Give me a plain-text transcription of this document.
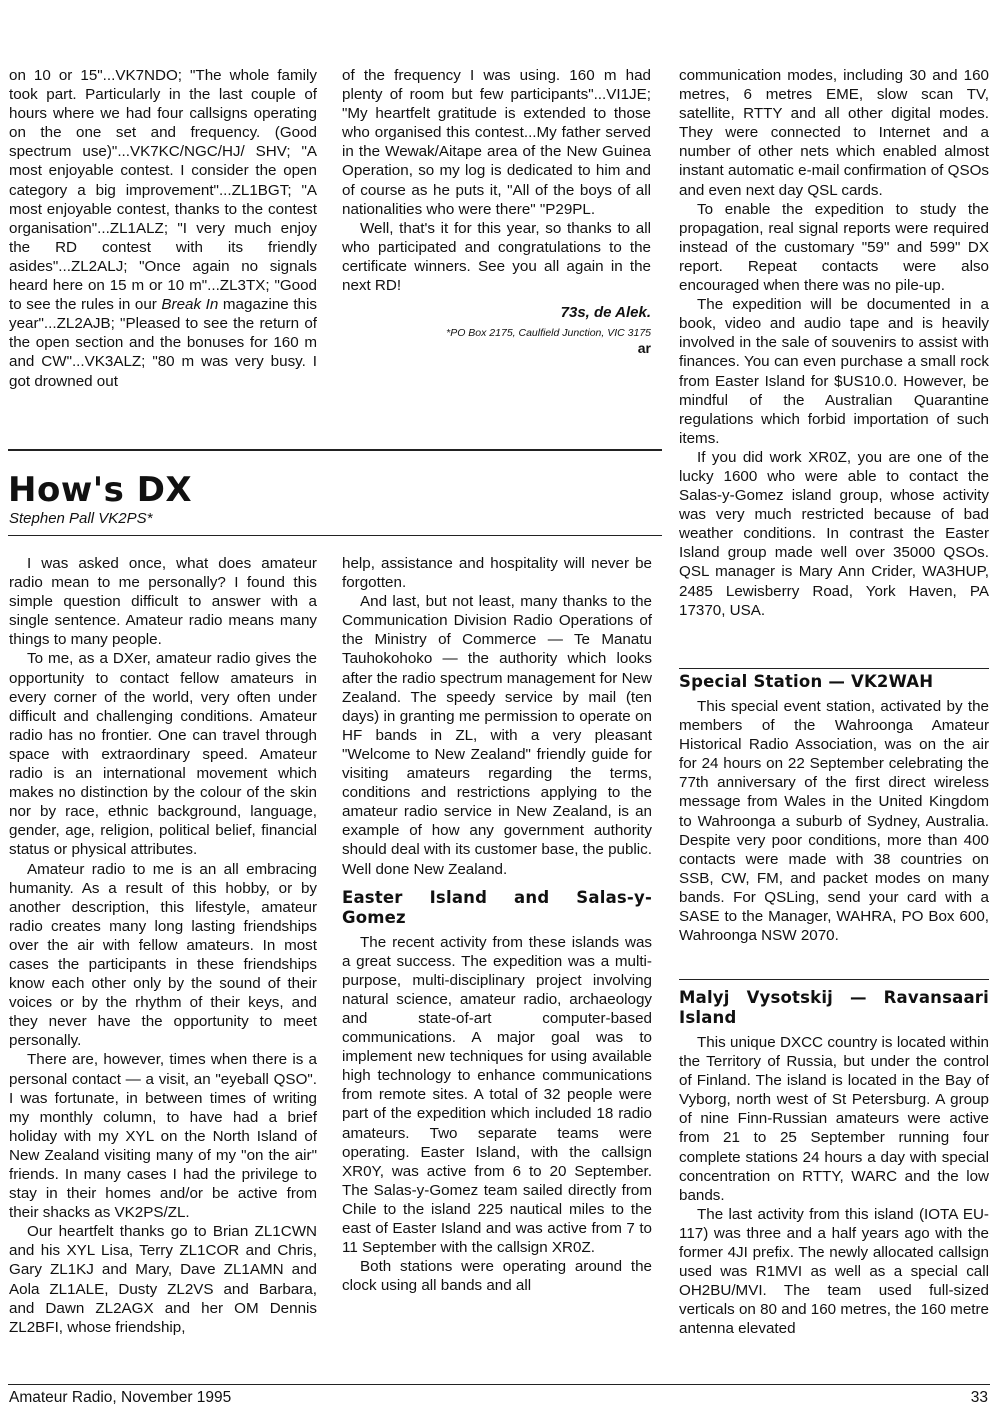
on 10 or 15"...VK7NDO; "The whole family took part. Particularly in the last couple of hours where we had four callsigns operating on the one set and frequency. (Good spectrum use)"...VK7KC/NGC/HJ/ SHV; "A most enjoyable contest. I consider the open category a big improvement"...ZL1BGT; "A most enjoyable contest, thanks to the contest organisation"...ZL1ALZ; "I very much enjoy the RD contest with its friendly asides"...ZL2ALJ; "Once again no signals heard here on 15 m or 10 m"...ZL3TX; "Good to see the rules in our Break In magazine this year"...ZL2AJB; "Pleased to see the return of the open section and the bonuses for 160 m and CW"...VK3ALZ; "80 m was very busy. I got drowned out

of the frequency I was using. 160 m had plenty of room but few participants"...VI1JE; "My heartfelt gratitude is extended to those who organised this contest...My father served in the Wewak/Aitape area of the New Guinea Operation, so my log is dedicated to him and of course as he puts it, "All of the boys of all nationalities who were there" "P29PL.

Well, that's it for this year, so thanks to all who participated and congratulations to the certificate winners. See you all again in the next RD!

73s, de Alek.
*PO Box 2175, Caulfield Junction, VIC 3175
ar
How's DX

Stephen Pall VK2PS*

I was asked once, what does amateur radio mean to me personally? I found this simple question difficult to answer with a single sentence. Amateur radio means many things to many people.

To me, as a DXer, amateur radio gives the opportunity to contact fellow amateurs in every corner of the world, very often under difficult and challenging conditions. Amateur radio has no frontier. One can travel through space with extraordinary speed. Amateur radio is an international movement which makes no distinction by the colour of the skin nor by race, ethnic background, language, gender, age, religion, political belief, financial status or physical attributes.

Amateur radio to me is an all embracing humanity. As a result of this hobby, or by another description, this lifestyle, amateur radio creates many long lasting friendships over the air with fellow amateurs. In most cases the participants in these friendships know each other only by the sound of their voices or by the rhythm of their keys, and they never have the opportunity to meet personally.

There are, however, times when there is a personal contact — a visit, an "eyeball QSO". I was fortunate, in between times of writing my monthly column, to have had a brief holiday with my XYL on the North Island of New Zealand visiting many of my "on the air" friends. In many cases I had the privilege to stay in their homes and/or be active from their shacks as VK2PS/ZL.

Our heartfelt thanks go to Brian ZL1CWN and his XYL Lisa, Terry ZL1COR and Chris, Gary ZL1KJ and Mary, Dave ZL1AMN and Aola ZL1ALE, Dusty ZL2VS and Barbara, and Dawn ZL2AGX and her OM Dennis ZL2BFI, whose friendship,

help, assistance and hospitality will never be forgotten.

And last, but not least, many thanks to the Communication Division Radio Operations of the Ministry of Commerce — Te Manatu Tauhokohoko — the authority which looks after the radio spectrum management for New Zealand. The speedy service by mail (ten days) in granting me permission to operate on HF bands in ZL, with a very pleasant "Welcome to New Zealand" friendly guide for visiting amateurs regarding the terms, conditions and restrictions applying to the amateur radio service in New Zealand, is an example of how any government authority should deal with its customer base, the public. Well done New Zealand.

Easter Island and Salas-y-Gomez

The recent activity from these islands was a great success. The expedition was a multi-purpose, multi-disciplinary project involving natural science, amateur radio, archaeology and state-of-art computer-based communications. A major goal was to implement new techniques for using available high technology to enhance communications from remote sites. A total of 32 people were part of the expedition which included 18 radio amateurs. Two separate teams were operating. Easter Island, with the callsign XR0Y, was active from 6 to 20 September. The Salas-y-Gomez team sailed directly from Chile to the island 225 nautical miles to the east of Easter Island and was active from 7 to 11 September with the callsign XR0Z.

Both stations were operating around the clock using all bands and all

communication modes, including 30 and 160 metres, 6 metres EME, slow scan TV, satellite, RTTY and all other digital modes. They were connected to Internet and a number of other nets which enabled almost instant automatic e-mail confirmation of QSOs and even next day QSL cards.

To enable the expedition to study the propagation, real signal reports were required instead of the customary "59" and 599" DX report. Repeat contacts were also encouraged when there was no pile-up.

The expedition will be documented in a book, video and audio tape and is heavily involved in the sale of souvenirs to assist with finances. You can even purchase a small rock from Easter Island for $US10.0. However, be mindful of the Australian Quarantine regulations which forbid importation of such items.

If you did work XR0Z, you are one of the lucky 1600 who were able to contact the Salas-y-Gomez island group, whose activity was very much restricted because of bad weather conditions. In contrast the Easter Island group made well over 35000 QSOs. QSL manager is Mary Ann Crider, WA3HUP, 2485 Lewisberry Road, York Haven, PA 17370, USA.

Special Station — VK2WAH

This special event station, activated by the members of the Wahroonga Amateur Historical Radio Association, was on the air for 24 hours on 22 September celebrating the 77th anniversary of the first direct wireless message from Wales in the United Kingdom to Wahroonga a suburb of Sydney, Australia. Despite very poor conditions, more than 400 contacts were made with 38 countries on SSB, CW, FM, and packet modes on many bands. For QSLing, send your card with a SASE to the Manager, WAHRA, PO Box 600, Wahroonga NSW 2070.

Malyj Vysotskij — Ravansaari Island

This unique DXCC country is located within the Territory of Russia, but under the control of Finland. The island is located in the Bay of Vyborg, north west of St Petersburg. A group of nine Finn-Russian amateurs were active from 21 to 25 September running four complete stations 24 hours a day with special concentration on RTTY, WARC and the low bands.

The last activity from this island (IOTA EU-117) was three and a half years ago with the former 4JI prefix. The newly allocated callsign used was R1MVI as well as a special call OH2BU/MVI. The team used full-sized verticals on 80 and 160 metres, the 160 metre antenna elevated

Amateur Radio, November 1995	33
